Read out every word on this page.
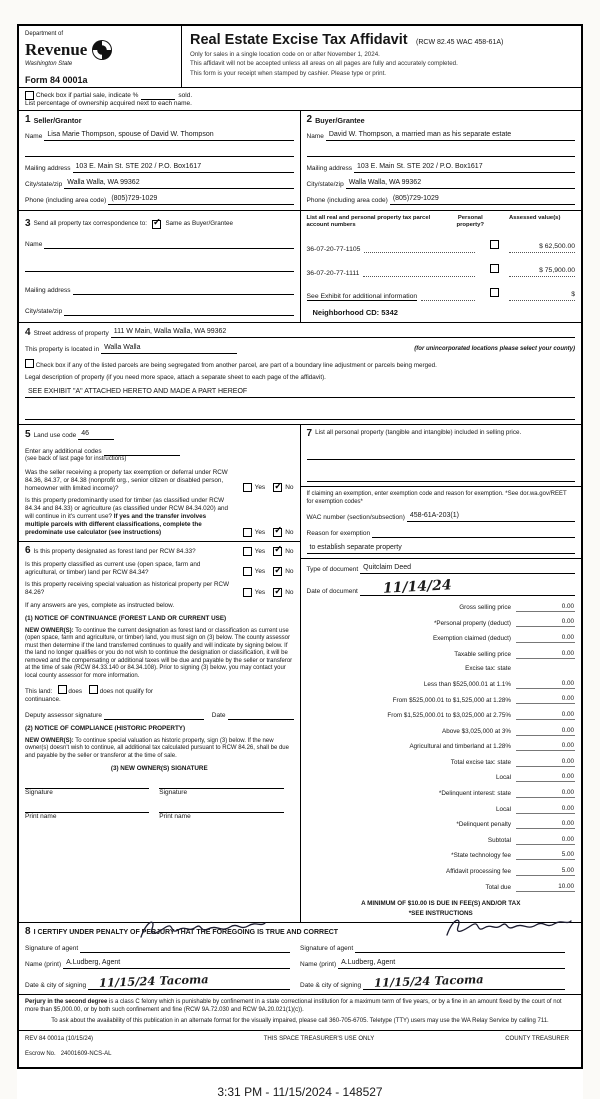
Department of
Revenue
Washington State
Form 84 0001a
Real Estate Excise Tax Affidavit (RCW 82.45 WAC 458-61A)
Only for sales in a single location code on or after November 1, 2024.
This affidavit will not be accepted unless all areas on all pages are fully and accurately completed.
This form is your receipt when stamped by cashier. Please type or print.

Check box if partial sale, indicate %	sold.
List percentage of ownership acquired next to each name.
1 Seller/Grantor
Name Lisa Marie Thompson, spouse of David W. Thompson
Mailing address 103 E. Main St. STE 202 / P.O. Box1617
City/state/zip Walla Walla, WA 99362
Phone (including area code) (805)729-1029
2 Buyer/Grantee
Name David W. Thompson, a married man as his separate estate
Mailing address 103 E. Main St. STE 202 / P.O. Box1617
City/state/zip Walla Walla, WA 99362
Phone (including area code) (805)729-1029
3 Send all property tax correspondence to: ✓
	Same as Buyer/Grantee
Name
Mailing address
City/state/zip
List all real and personal property tax parcel account numbers
Personal property?
Assessed value(s)
36-07-20-77-1105	$ 62,500.00
36-07-20-77-1111	$ 75,900.00
See Exhibit for additional information	$
Neighborhood CD: 5342
4 Street address of property 111 W Main, Walla Walla, WA 99362
This property is located in Walla Walla	(for unincorporated locations please select your county)
Check box if any of the listed parcels are being segregated from another parcel, are part of a boundary line adjustment or parcels being merged.
Legal description of property (if you need more space, attach a separate sheet to each page of the affidavit).
SEE EXHIBIT "A" ATTACHED HERETO AND MADE A PART HEREOF
5 Land use code 46
Enter any additional codes
(see back of last page for instructions)
Was the seller receiving a property tax exemption or deferral under RCW 84.36, 84.37, or 84.38 (nonprofit org., senior citizen or disabled person, homeowner with limited income)?	Yes ✓	No
Is this property predominantly used for timber (as classified under RCW 84.34 and 84.33) or agriculture (as classified under RCW 84.34.020) and will continue in it's current use? If yes and the transfer involves multiple parcels with different classifications, complete the predominate use calculator (see instructions)	Yes ✓	No
6 Is this property designated as forest land per RCW 84.33?	Yes ✓	No
Is this property classified as current use (open space, farm and agricultural, or timber) land per RCW 84.34?	Yes ✓	No
Is this property receiving special valuation as historical property per RCW 84.26?	Yes ✓	No
If any answers are yes, complete as instructed below.
(1) NOTICE OF CONTINUANCE (FOREST LAND OR CURRENT USE)
NEW OWNER(S): To continue the current designation as forest land or classification as current use (open space, farm and agriculture, or timber) land, you must sign on (3) below. The county assessor must then determine if the land transferred continues to qualify and will indicate by signing below. If the land no longer qualifies or you do not wish to continue the designation or classification, it will be removed and the compensating or additional taxes will be due and payable by the seller or transferor at the time of sale (RCW 84.33.140 or 84.34.108). Prior to signing (3) below, you may contact your local county assessor for more information.
This land:	does	does not qualify for
continuance.
Deputy assessor signature	Date
(2) NOTICE OF COMPLIANCE (HISTORIC PROPERTY)
NEW OWNER(S): To continue special valuation as historic property, sign (3) below. If the new owner(s) doesn't wish to continue, all additional tax calculated pursuant to RCW 84.26, shall be due and payable by the seller or transferor at the time of sale.
(3) NEW OWNER(S) SIGNATURE
Signature	Signature
Print name	Print name
7 List all personal property (tangible and intangible) included in selling price.
If claiming an exemption, enter exemption code and reason for exemption. *See dor.wa.gov/REET for exemption codes*
WAC number (section/subsection) 458-61A-203(1)
Reason for exemption
to establish separate property
Type of document Quitclaim Deed
Date of document	11/14/24
Gross selling price	0.00
*Personal property (deduct)	0.00
Exemption claimed (deduct)	0.00
Taxable selling price	0.00
Excise tax: state
Less than $525,000.01 at 1.1%	0.00
From $525,000.01 to $1,525,000 at 1.28%	0.00
From $1,525,000.01 to $3,025,000 at 2.75%	0.00
Above $3,025,000 at 3%	0.00
Agricultural and timberland at 1.28%	0.00
Total excise tax: state	0.00
Local	0.00
*Delinquent interest: state	0.00
Local	0.00
*Delinquent penalty	0.00
Subtotal	0.00
*State technology fee	5.00
Affidavit processing fee	5.00
Total due	10.00
A MINIMUM OF $10.00 IS DUE IN FEE(S) AND/OR TAX
*SEE INSTRUCTIONS
8 I CERTIFY UNDER PENALTY OF PERJURY THAT THE FOREGOING IS TRUE AND CORRECT
Signature of agent
Name (print) A.Ludberg, Agent
Date & city of signing	11/15/24 Tacoma
Signature of agent
Name (print) A.Ludberg, Agent
Date & city of signing	11/15/24 Tacoma
Perjury in the second degree is a class C felony which is punishable by confinement in a state correctional institution for a maximum term of five years, or by a fine in an amount fixed by the court of not more than $5,000.00, or by both such confinement and fine (RCW 9A.72.030 and RCW 9A.20.021(1)(c)).
To ask about the availability of this publication in an alternate format for the visually impaired, please call 360-705-6705. Teletype (TTY) users may use the WA Relay Service by calling 711.
REV 84 0001a (10/15/24)
Escrow No. 24001609-NCS-AL
THIS SPACE TREASURER'S USE ONLY	COUNTY TREASURER
3:31 PM - 11/15/2024 - 148527
